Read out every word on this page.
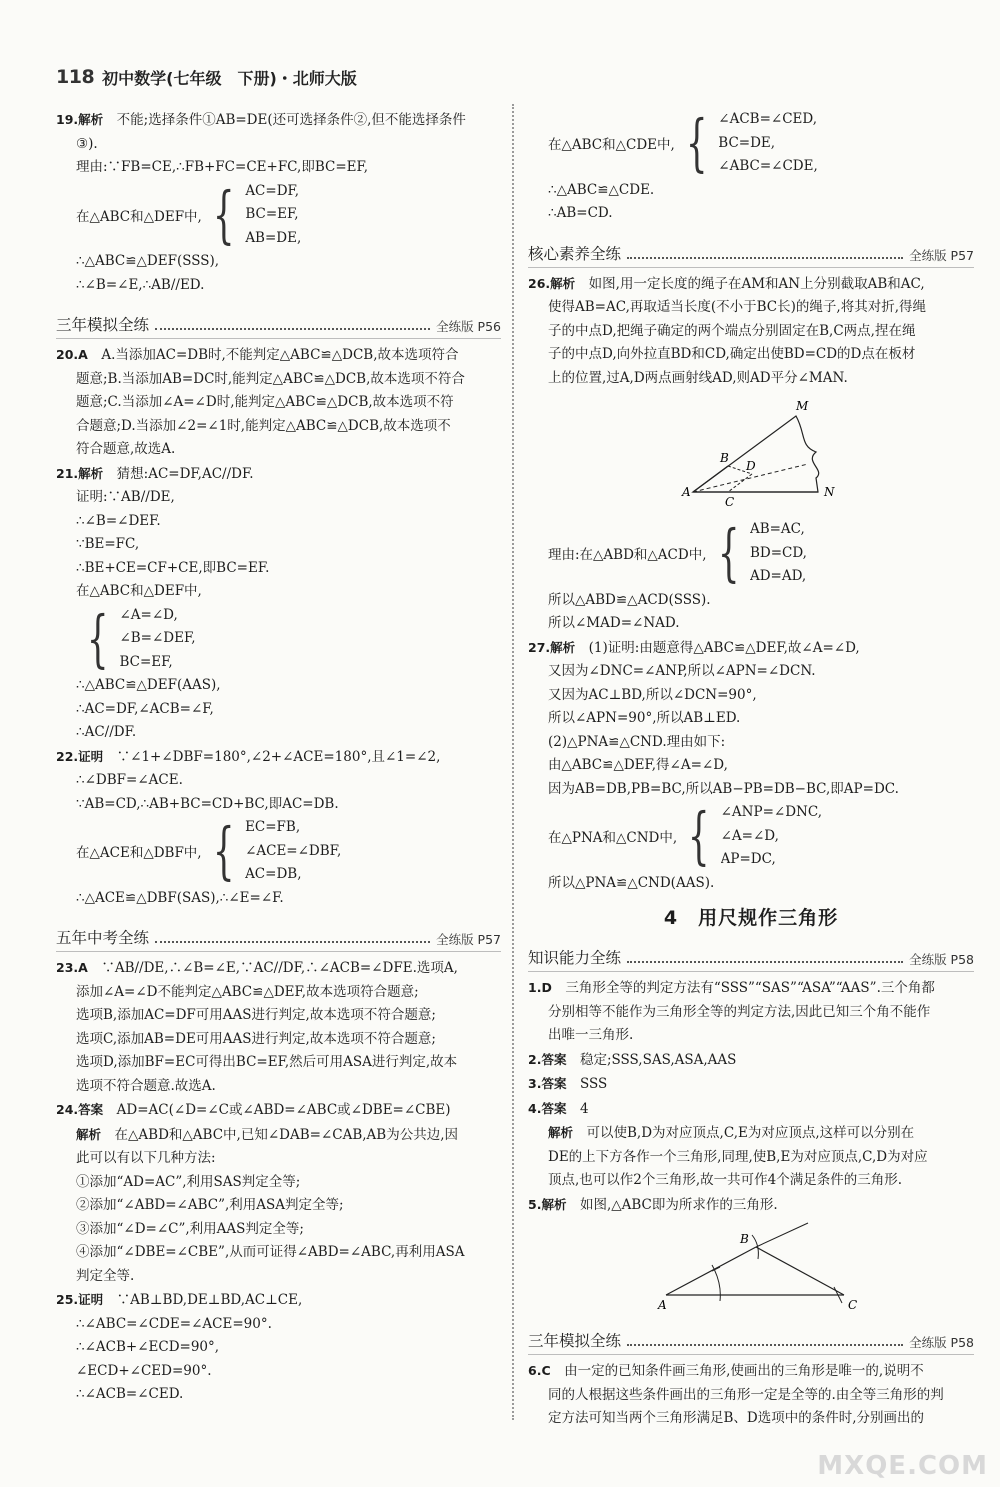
118 初中数学(七年级　下册)・北师大版
19.解析　 不能;选择条件①AB=DE(还可选择条件②,但不能选择条件
③).
理由:∵FB=CE,∴FB+FC=CE+FC,即BC=EF,
在△ABC和△DEF中, { AC=DF,
BC=EF,
AB=DE,
∴△ABC≌△DEF(SSS),
∴∠B=∠E,∴AB//ED.
三年模拟全练	全练版 P56
20.A　 A.当添加AC=DB时,不能判定△ABC≌△DCB,故本选项符合
题意;B.当添加AB=DC时,能判定△ABC≌△DCB,故本选项不符合
题意;C.当添加∠A=∠D时,能判定△ABC≌△DCB,故本选项不符
合题意;D.当添加∠2=∠1时,能判定△ABC≌△DCB,故本选项不
符合题意,故选A.
21.解析　 猜想:AC=DF,AC//DF.
证明:∵AB//DE,
∴∠B=∠DEF.
∵BE=FC,
∴BE+CE=CF+CE,即BC=EF.
在△ABC和△DEF中,
{ ∠A=∠D,
∠B=∠DEF,
BC=EF,
∴△ABC≌△DEF(AAS),
∴AC=DF,∠ACB=∠F,
∴AC//DF.
22.证明　 ∵∠1+∠DBF=180°,∠2+∠ACE=180°,且∠1=∠2,
∴∠DBF=∠ACE.
∵AB=CD,∴AB+BC=CD+BC,即AC=DB.
在△ACE和△DBF中, { EC=FB,
∠ACE=∠DBF,
AC=DB,
∴△ACE≌△DBF(SAS),∴∠E=∠F.
五年中考全练	全练版 P57
23.A　 ∵AB//DE,∴∠B=∠E,∵AC//DF,∴∠ACB=∠DFE.选项A,
添加∠A=∠D不能判定△ABC≌△DEF,故本选项符合题意;
选项B,添加AC=DF可用AAS进行判定,故本选项不符合题意;
选项C,添加AB=DE可用AAS进行判定,故本选项不符合题意;
选项D,添加BF=EC可得出BC=EF,然后可用ASA进行判定,故本
选项不符合题意.故选A.
24.答案　 AD=AC(∠D=∠C或∠ABD=∠ABC或∠DBE=∠CBE)
解析　 在△ABD和△ABC中,已知∠DAB=∠CAB,AB为公共边,因
此可以有以下几种方法:
①添加“AD=AC”,利用SAS判定全等;
②添加“∠ABD=∠ABC”,利用ASA判定全等;
③添加“∠D=∠C”,利用AAS判定全等;
④添加“∠DBE=∠CBE”,从而可证得∠ABD=∠ABC,再利用ASA
判定全等.
25.证明　 ∵AB⊥BD,DE⊥BD,AC⊥CE,
∴∠ABC=∠CDE=∠ACE=90°.
∴∠ACB+∠ECD=90°,
∠ECD+∠CED=90°.
∴∠ACB=∠CED.
在△ABC和△CDE中, { ∠ACB=∠CED,
BC=DE,
∠ABC=∠CDE,
∴△ABC≌△CDE.
∴AB=CD.
核心素养全练	全练版 P57
26.解析　 如图,用一定长度的绳子在AM和AN上分别截取AB和AC,
使得AB=AC,再取适当长度(不小于BC长)的绳子,将其对折,得绳
子的中点D,把绳子确定的两个端点分别固定在B,C两点,捏在绳
子的中点D,向外拉直BD和CD,确定出使BD=CD的D点在板材
上的位置,过A,D两点画射线AD,则AD平分∠MAN.
M
B
D
A
C
N
理由:在△ABD和△ACD中, { AB=AC,
BD=CD,
AD=AD,
所以△ABD≌△ACD(SSS).
所以∠MAD=∠NAD.
27.解析　 (1)证明:由题意得△ABC≌△DEF,故∠A=∠D,
又因为∠DNC=∠ANP,所以∠APN=∠DCN.
又因为AC⊥BD,所以∠DCN=90°,
所以∠APN=90°,所以AB⊥ED.
(2)△PNA≌△CND.理由如下:
由△ABC≌△DEF,得∠A=∠D,
因为AB=DB,PB=BC,所以AB−PB=DB−BC,即AP=DC.
在△PNA和△CND中, { ∠ANP=∠DNC,
∠A=∠D,
AP=DC,
所以△PNA≌△CND(AAS).
4　用尺规作三角形
知识能力全练	全练版 P58
1.D　 三角形全等的判定方法有“SSS”“SAS”“ASA”“AAS”.三个角都
分别相等不能作为三角形全等的判定方法,因此已知三个角不能作
出唯一三角形.
2.答案　 稳定;SSS,SAS,ASA,AAS
3.答案　 SSS
4.答案　 4
解析　 可以使B,D为对应顶点,C,E为对应顶点,这样可以分别在
DE的上下方各作一个三角形,同理,使B,E为对应顶点,C,D为对应
顶点,也可以作2个三角形,故一共可作4个满足条件的三角形.
5.解析　 如图,△ABC即为所求作的三角形.
A
B
C
三年模拟全练	全练版 P58
6.C　 由一定的已知条件画三角形,使画出的三角形是唯一的,说明不
同的人根据这些条件画出的三角形一定是全等的.由全等三角形的判
定方法可知当两个三角形满足B、D选项中的条件时,分别画出的
MXQE.COM
